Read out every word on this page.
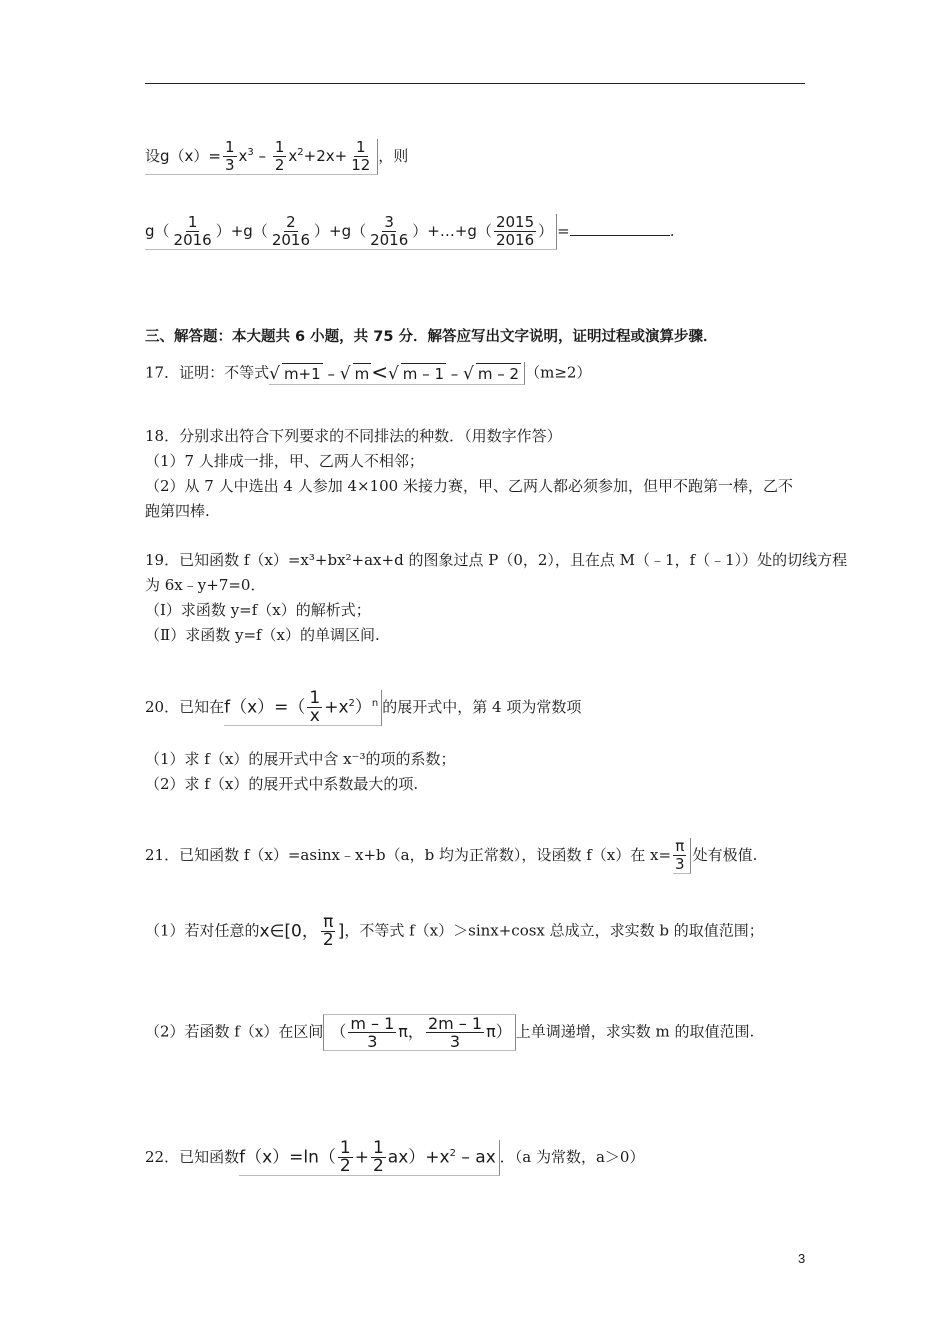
设$g(x)= \frac{1}{3} x^3 - \frac{1}{2} x^2+2x+ \frac{1}{12}$ ，则
$g( \frac{1}{2016} )+g( \frac{2}{2016} )+g( \frac{3}{2016}$ ）+…+g（ $\frac{2015}{2016}$ ） =	.
三、解答题：本大题共 6 小题，共 75 分．解答应写出文字说明，证明过程或演算步骤．
17．证明：不等式√ m+1 – √ m <√ m – 1 – √ m – 2 （m≥2）
18．分别求出符合下列要求的不同排法的种数．（用数字作答）
（1）7 人排成一排，甲、乙两人不相邻；
（2）从 7 人中选出 4 人参加 4×100 米接力赛，甲、乙两人都必须参加，但甲不跑第一棒，乙不
跑第四棒.
19．已知函数 f（x）=x³+bx²+ax+d 的图象过点 P（0，2），且在点 M（﹣1，f（﹣1））处的切线方程
为 6x﹣y+7=0．
（Ⅰ）求函数 y=f（x）的解析式；
（Ⅱ）求函数 y=f（x）的单调区间.
20．已知在$f(x)=( \frac{1}{x} +x^2)^n$ 的展开式中，第 4 项为常数项
（1）求 f（x）的展开式中含 x⁻³的项的系数；
（2）求 f（x）的展开式中系数最大的项.
21．已知函数 f（x）=asinx﹣x+b（a，b 均为正常数），设函数 f（x）在 $x= \frac{\pi}{3}$ 处有极值.
（1）若对任意的x∈[0， $\frac{\pi}{2}$ ]，不等式 f（x）＞sinx+cosx 总成立，求实数 b 的取值范围；
（2）若函数 f（x）在区间 （ $\frac{m - 1}{3}$ π， $\frac{2m - 1}{3} \pi$） 上单调递增，求实数 m 的取值范围.
22．已知函数$f(x)=\ln( \frac{1}{2} + \frac{1}{2} ax)+x^2$ – ax ．（a 为常数，a＞0）
3
